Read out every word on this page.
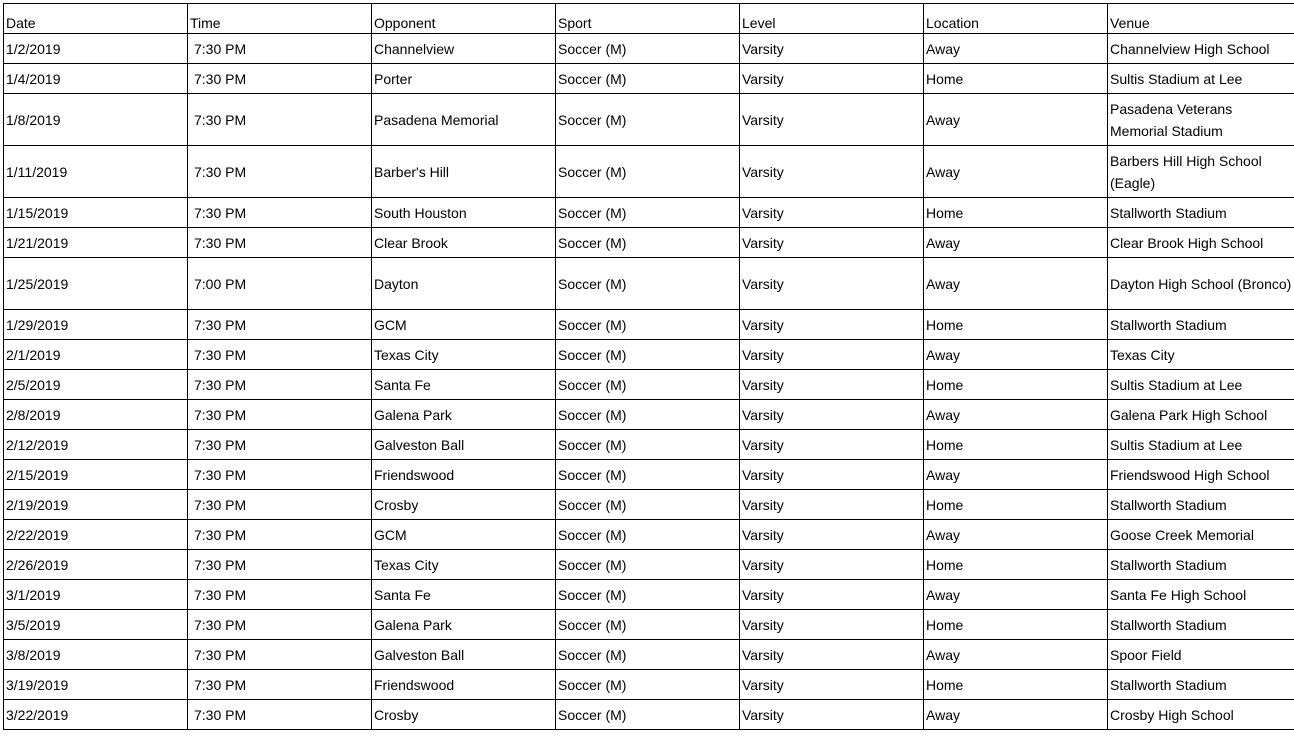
Date	Time	Opponent	Sport	Level	Location	Venue
1/2/2019	7:30 PM	Channelview	Soccer (M)	Varsity	Away	Channelview High School
1/4/2019	7:30 PM	Porter	Soccer (M)	Varsity	Home	Sultis Stadium at Lee
1/8/2019	7:30 PM	Pasadena Memorial	Soccer (M)	Varsity	Away	Pasadena Veterans Memorial Stadium
1/11/2019	7:30 PM	Barber's Hill	Soccer (M)	Varsity	Away	Barbers Hill High School (Eagle)
1/15/2019	7:30 PM	South Houston	Soccer (M)	Varsity	Home	Stallworth Stadium
1/21/2019	7:30 PM	Clear Brook	Soccer (M)	Varsity	Away	Clear Brook High School
1/25/2019	7:00 PM	Dayton	Soccer (M)	Varsity	Away	Dayton High School (Bronco)
1/29/2019	7:30 PM	GCM	Soccer (M)	Varsity	Home	Stallworth Stadium
2/1/2019	7:30 PM	Texas City	Soccer (M)	Varsity	Away	Texas City
2/5/2019	7:30 PM	Santa Fe	Soccer (M)	Varsity	Home	Sultis Stadium at Lee
2/8/2019	7:30 PM	Galena Park	Soccer (M)	Varsity	Away	Galena Park High School
2/12/2019	7:30 PM	Galveston Ball	Soccer (M)	Varsity	Home	Sultis Stadium at Lee
2/15/2019	7:30 PM	Friendswood	Soccer (M)	Varsity	Away	Friendswood High School
2/19/2019	7:30 PM	Crosby	Soccer (M)	Varsity	Home	Stallworth Stadium
2/22/2019	7:30 PM	GCM	Soccer (M)	Varsity	Away	Goose Creek Memorial
2/26/2019	7:30 PM	Texas City	Soccer (M)	Varsity	Home	Stallworth Stadium
3/1/2019	7:30 PM	Santa Fe	Soccer (M)	Varsity	Away	Santa Fe High School
3/5/2019	7:30 PM	Galena Park	Soccer (M)	Varsity	Home	Stallworth Stadium
3/8/2019	7:30 PM	Galveston Ball	Soccer (M)	Varsity	Away	Spoor Field
3/19/2019	7:30 PM	Friendswood	Soccer (M)	Varsity	Home	Stallworth Stadium
3/22/2019	7:30 PM	Crosby	Soccer (M)	Varsity	Away	Crosby High School
